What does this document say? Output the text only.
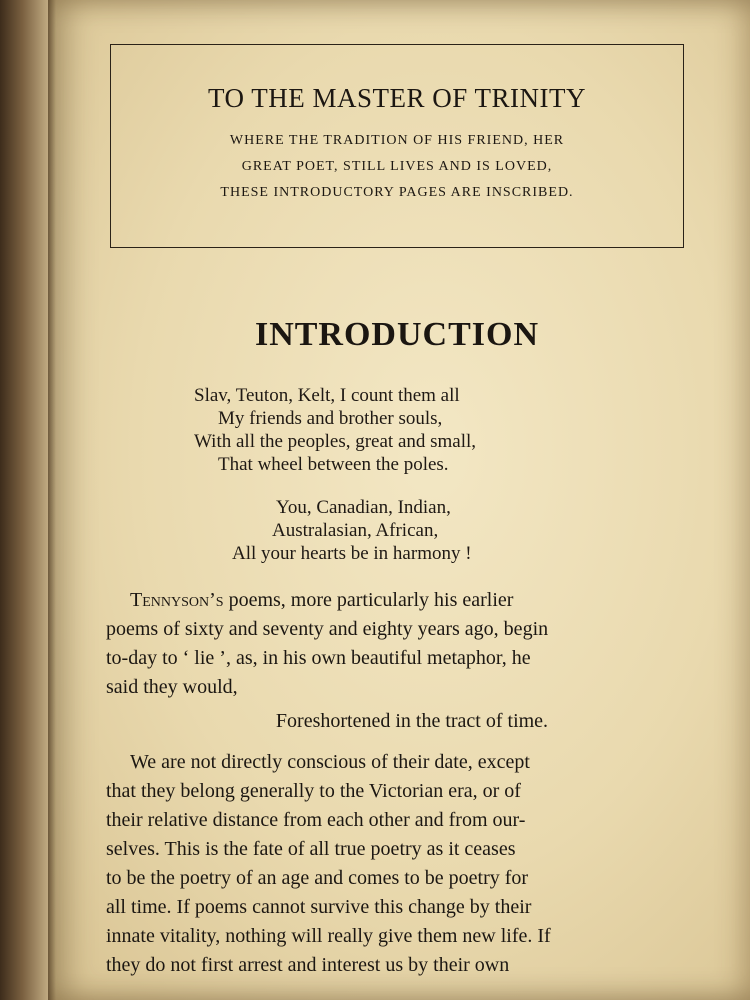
TO THE MASTER OF TRINITY
WHERE THE TRADITION OF HIS FRIEND, HER
GREAT POET, STILL LIVES AND IS LOVED,
THESE INTRODUCTORY PAGES ARE INSCRIBED.
INTRODUCTION
Slav, Teuton, Kelt, I count them all
My friends and brother souls,
With all the peoples, great and small,
That wheel between the poles.
You, Canadian, Indian,
Australasian, African,
All your hearts be in harmony !
Tennyson’s poems, more particularly his earlier
poems of sixty and seventy and eighty years ago, begin
to-day to ‘ lie ’, as, in his own beautiful metaphor, he
said they would,
Foreshortened in the tract of time.
We are not directly conscious of their date, except
that they belong generally to the Victorian era, or of
their relative distance from each other and from our-
selves. This is the fate of all true poetry as it ceases
to be the poetry of an age and comes to be poetry for
all time. If poems cannot survive this change by their
innate vitality, nothing will really give them new life. If
they do not first arrest and interest us by their own
